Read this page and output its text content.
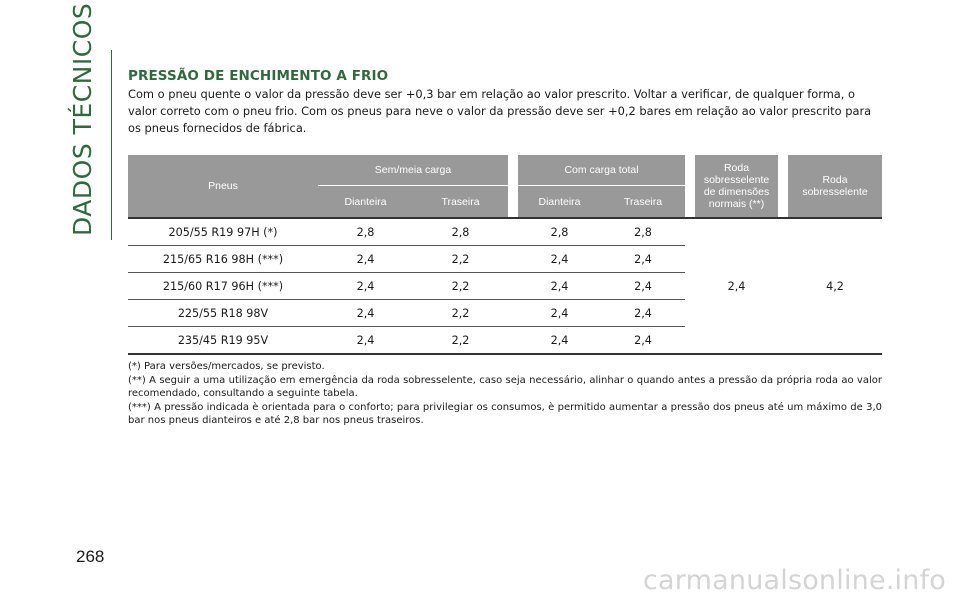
DADOS TÉCNICOS
268
PRESSÃO DE ENCHIMENTO A FRIO

Com o pneu quente o valor da pressão deve ser +0,3 bar em relação ao valor prescrito. Voltar a verificar, de qualquer forma, o valor correto com o pneu frio. Com os pneus para neve o valor da pressão deve ser +0,2 bares em relação ao valor prescrito para os pneus fornecidos de fábrica.

Pneus	Sem/meia carga			Com carga total			Roda sobresselente de dimensões normais (**)		Roda sobresselente
	Dianteira	Traseira		Dianteira	Traseira				
205/55 R19 97H (*)	2,8	2,8		2,8	2,8		2,4		4,2
215/65 R16 98H (***)	2,4	2,2		2,4	2,4				
215/60 R17 96H (***)	2,4	2,2		2,4	2,4				
225/55 R18 98V	2,4	2,2		2,4	2,4				
235/45 R19 95V	2,4	2,2		2,4	2,4				

(*) Para versões/mercados, se previsto.

(**) A seguir a uma utilização em emergência da roda sobresselente, caso seja necessário, alinhar o quando antes a pressão da própria roda ao valor recomendado, consultando a seguinte tabela.

(***) A pressão indicada è orientada para o conforto; para privilegiar os consumos, è permitido aumentar a pressão dos pneus até um máximo de 3,0 bar nos pneus dianteiros e até 2,8 bar nos pneus traseiros.

carmanualsonline.info
